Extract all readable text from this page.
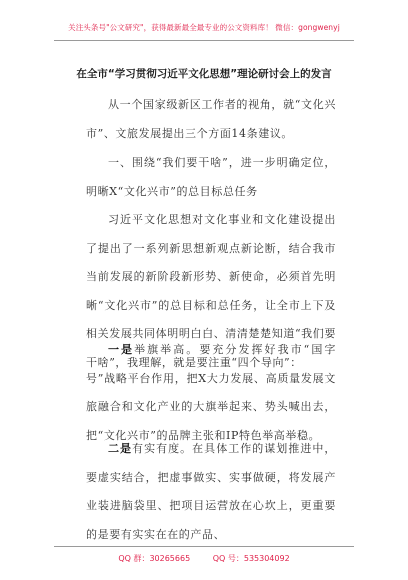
关注头条号"公文研究"，获得最新最全最专业的公文资料库！ 微信：gongwenyj
在全市“学习贯彻习近平文化思想”理论研讨会上的发言
从一个国家级新区工作者的视角，就“文化兴市”、文旅发展提出三个方面14条建议。
一、围绕“我们要干啥”，进一步明确定位，明晰X“文化兴市”的总目标总任务
习近平文化思想对文化事业和文化建设提出了提出了一系列新思想新观点新论断，结合我市当前发展的新阶段新形势、新使命，必须首先明晰“文化兴市”的总目标和总任务，让全市上下及相关发展共同体明明白白、清清楚楚知道“我们要干啥”，我理解，就是要注重“四个导向”：
一是举旗举高。要充分发挥好我市“国字号”战略平台作用，把X大力发展、高质量发展文旅融合和文化产业的大旗举起来、势头喊出去，把“文化兴市”的品牌主张和IP特色举高举稳。
二是有实有度。在具体工作的谋划推进中，要虚实结合，把虚事做实、实事做硬，将发展产业装进脑袋里、把项目运营放在心坎上，更重要的是要有实实在在的产品、
QQ 群：30265665	QQ 号：535304092
